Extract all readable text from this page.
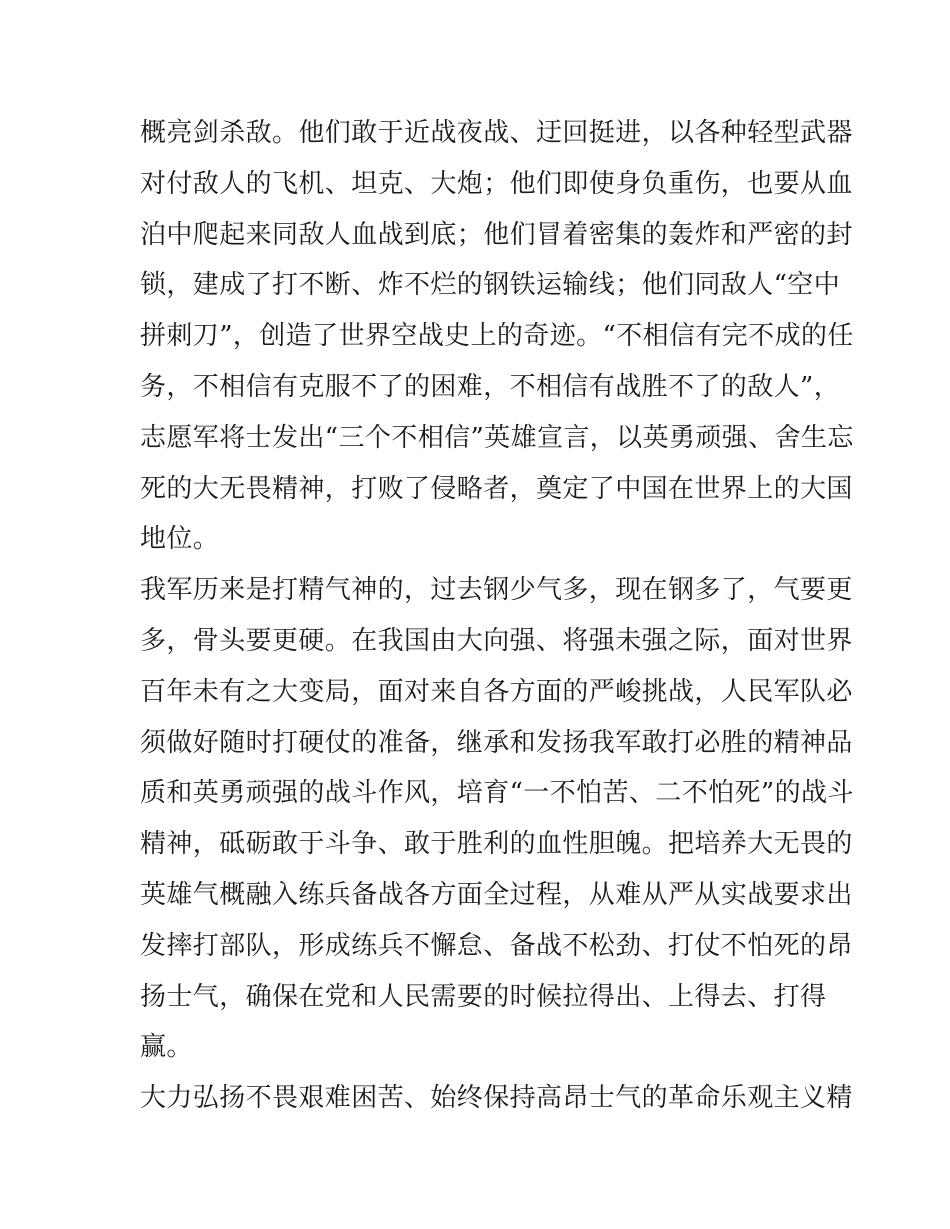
概亮剑杀敌。他们敢于近战夜战、迂回挺进，以各种轻型武器
对付敌人的飞机、坦克、大炮；他们即使身负重伤，也要从血
泊中爬起来同敌人血战到底；他们冒着密集的轰炸和严密的封
锁，建成了打不断、炸不烂的钢铁运输线；他们同敌人“空中
拼刺刀”，创造了世界空战史上的奇迹。“不相信有完不成的任
务，不相信有克服不了的困难，不相信有战胜不了的敌人”，
志愿军将士发出“三个不相信”英雄宣言，以英勇顽强、舍生忘
死的大无畏精神，打败了侵略者，奠定了中国在世界上的大国
地位。
我军历来是打精气神的，过去钢少气多，现在钢多了，气要更
多，骨头要更硬。在我国由大向强、将强未强之际，面对世界
百年未有之大变局，面对来自各方面的严峻挑战，人民军队必
须做好随时打硬仗的准备，继承和发扬我军敢打必胜的精神品
质和英勇顽强的战斗作风，培育“一不怕苦、二不怕死”的战斗
精神，砥砺敢于斗争、敢于胜利的血性胆魄。把培养大无畏的
英雄气概融入练兵备战各方面全过程，从难从严从实战要求出
发摔打部队，形成练兵不懈怠、备战不松劲、打仗不怕死的昂
扬士气，确保在党和人民需要的时候拉得出、上得去、打得
赢。
大力弘扬不畏艰难困苦、始终保持高昂士气的革命乐观主义精
